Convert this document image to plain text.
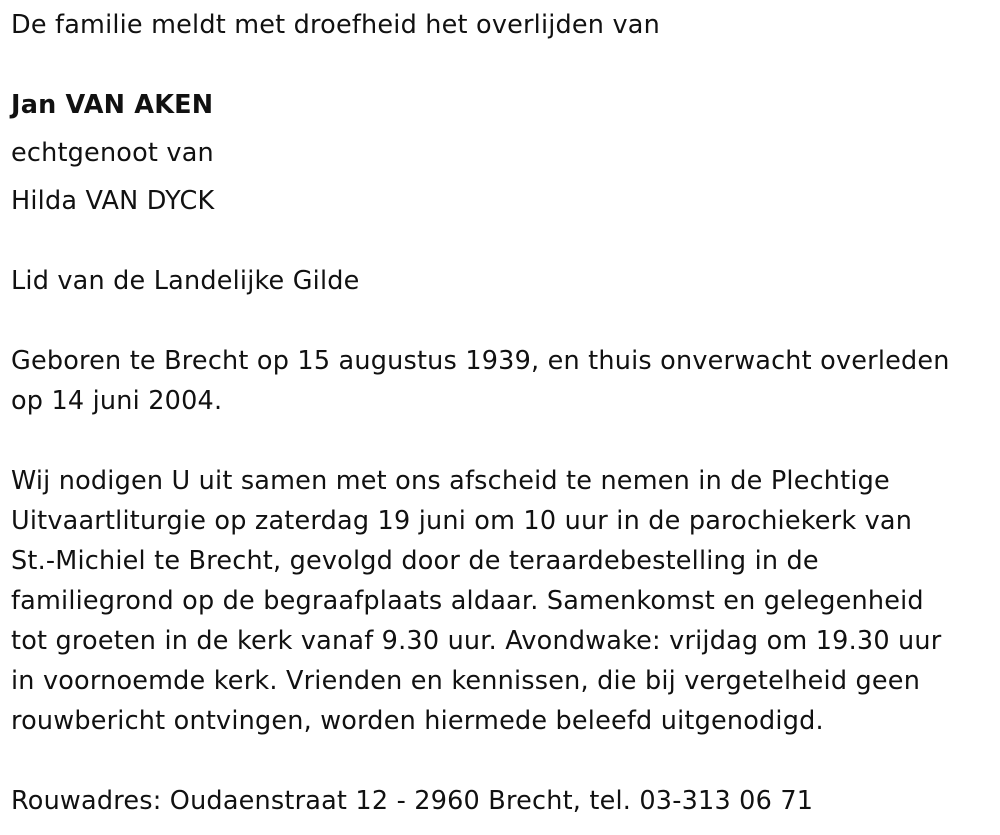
De familie meldt met droefheid het overlijden van
Jan VAN AKEN
echtgenoot van
Hilda VAN DYCK
Lid van de Landelijke Gilde
Geboren te Brecht op 15 augustus 1939, en thuis onverwacht overleden
op 14 juni 2004.
Wij nodigen U uit samen met ons afscheid te nemen in de Plechtige
Uitvaartliturgie op zaterdag 19 juni om 10 uur in de parochiekerk van
St.-Michiel te Brecht, gevolgd door de teraardebestelling in de
familiegrond op de begraafplaats aldaar. Samenkomst en gelegenheid
tot groeten in de kerk vanaf 9.30 uur. Avondwake: vrijdag om 19.30 uur
in voornoemde kerk. Vrienden en kennissen, die bij vergetelheid geen
rouwbericht ontvingen, worden hiermede beleefd uitgenodigd.
Rouwadres: Oudaenstraat 12 - 2960 Brecht, tel. 03-313 06 71
